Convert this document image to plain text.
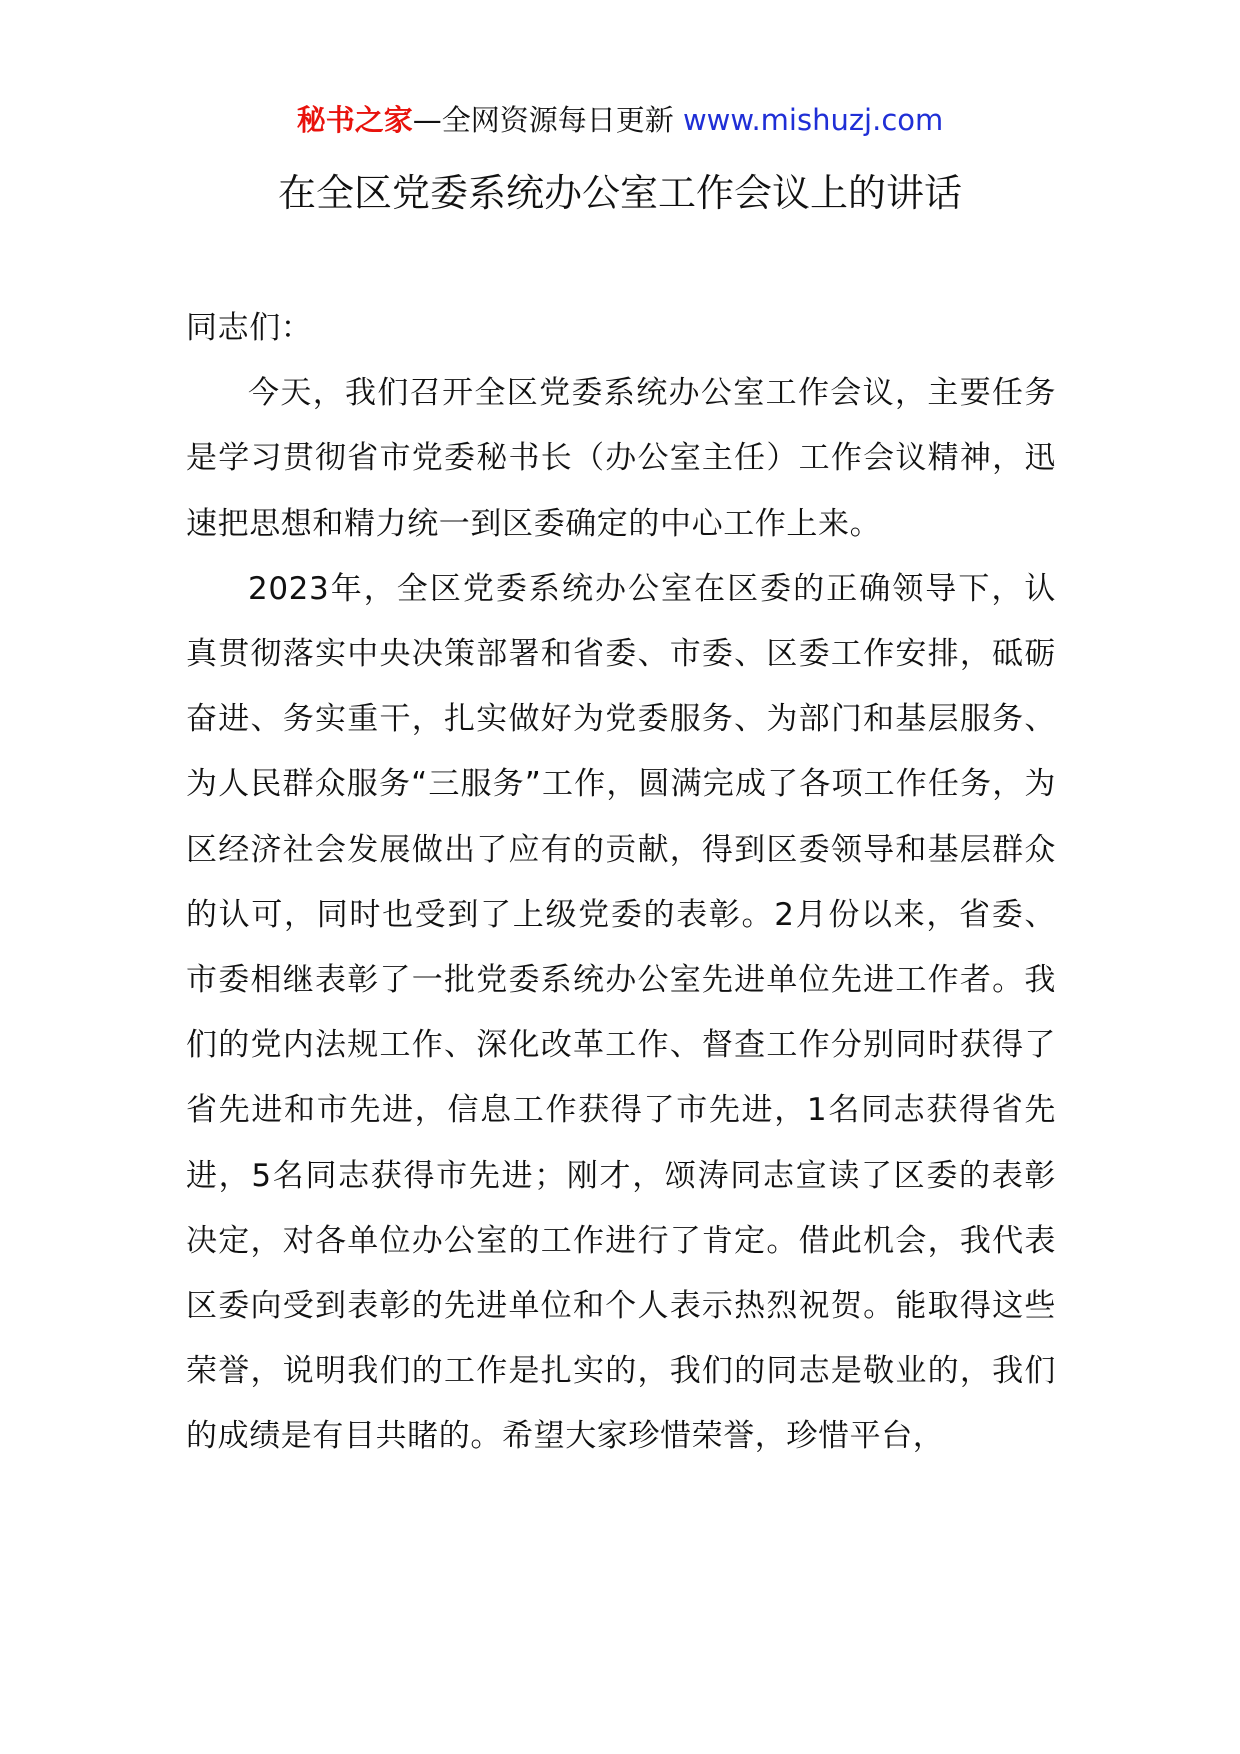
秘书之家—全网资源每日更新 www.mishuzj.com
在全区党委系统办公室工作会议上的讲话

同志们：

今天，我们召开全区党委系统办公室工作会议，主要任务是学习贯彻省市党委秘书长（办公室主任）工作会议精神，迅速把思想和精力统一到区委确定的中心工作上来。

2023年，全区党委系统办公室在区委的正确领导下，认真贯彻落实中央决策部署和省委、市委、区委工作安排，砥砺奋进、务实重干，扎实做好为党委服务、为部门和基层服务、为人民群众服务“三服务”工作，圆满完成了各项工作任务，为区经济社会发展做出了应有的贡献，得到区委领导和基层群众的认可，同时也受到了上级党委的表彰。2月份以来，省委、市委相继表彰了一批党委系统办公室先进单位先进工作者。我们的党内法规工作、深化改革工作、督查工作分别同时获得了省先进和市先进，信息工作获得了市先进，1名同志获得省先进，5名同志获得市先进；刚才，颂涛同志宣读了区委的表彰决定，对各单位办公室的工作进行了肯定。借此机会，我代表区委向受到表彰的先进单位和个人表示热烈祝贺。能取得这些荣誉，说明我们的工作是扎实的，我们的同志是敬业的，我们的成绩是有目共睹的。希望大家珍惜荣誉，珍惜平台，
